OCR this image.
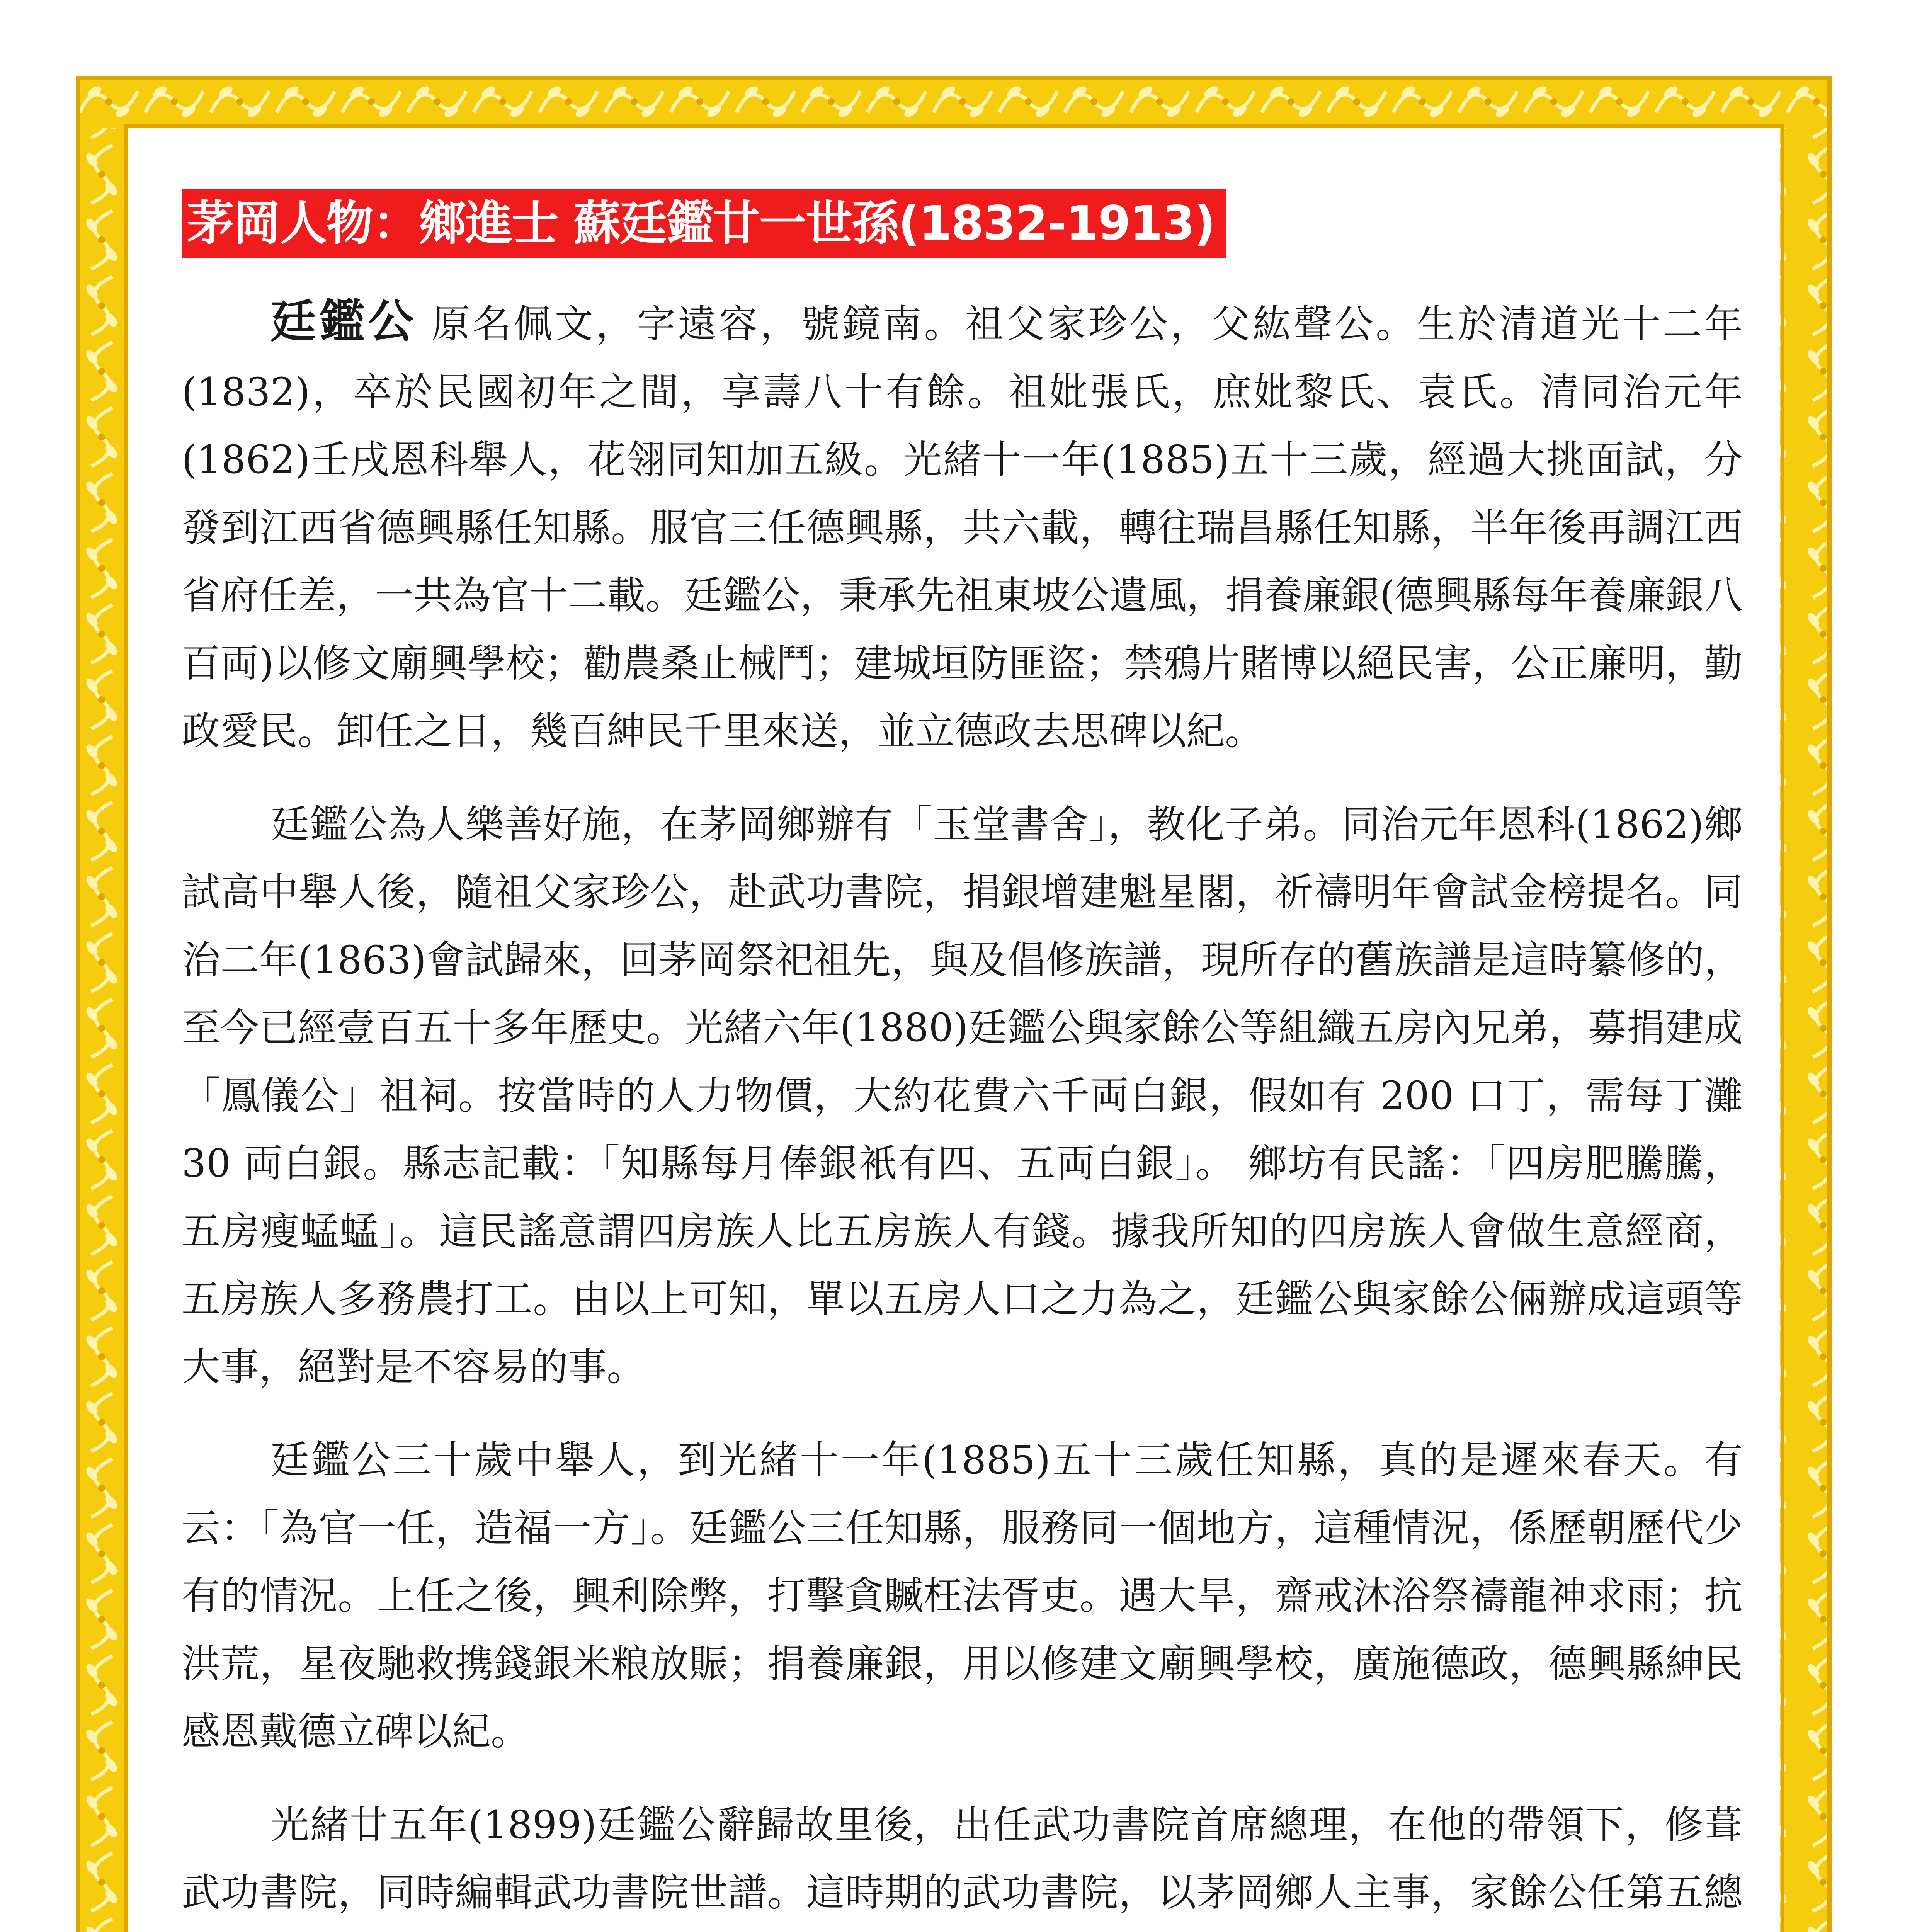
茅岡人物：鄉進士 蘇廷鑑廿一世孫(1832-1913)

廷鑑公 原名佩文，字遠容，號鏡南。祖父家珍公，父紘聲公。生於清道光十二年(1832)，卒於民國初年之間，享壽八十有餘。祖妣張氏，庶妣黎氏、袁氏。清同治元年(1862)壬戌恩科舉人，花翎同知加五級。光緒十一年(1885)五十三歲，經過大挑面試，分發到江西省德興縣任知縣。服官三任德興縣，共六載，轉往瑞昌縣任知縣，半年後再調江西省府任差，一共為官十二載。廷鑑公，秉承先祖東坡公遺風，捐養廉銀(德興縣每年養廉銀八百両)以修文廟興學校；勸農桑止械鬥；建城垣防匪盜；禁鴉片賭博以絕民害，公正廉明，勤政愛民。卸任之日，幾百紳民千里來送，並立德政去思碑以紀。

廷鑑公為人樂善好施，在茅岡鄉辦有「玉堂書舍」，教化子弟。同治元年恩科(1862)鄉試高中舉人後，隨祖父家珍公，赴武功書院，捐銀增建魁星閣，祈禱明年會試金榜提名。同治二年(1863)會試歸來，回茅岡祭祀祖先，與及倡修族譜，現所存的舊族譜是這時纂修的，至今已經壹百五十多年歷史。光緒六年(1880)廷鑑公與家餘公等組織五房內兄弟，募捐建成「鳳儀公」祖祠。按當時的人力物價，大約花費六千両白銀，假如有 200 口丁，需每丁灘 30 両白銀。縣志記載：「知縣每月俸銀衹有四、五両白銀」。 鄉坊有民謠：「四房肥騰騰，五房瘦蜢蜢」。這民謠意謂四房族人比五房族人有錢。據我所知的四房族人會做生意經商，五房族人多務農打工。由以上可知，單以五房人口之力為之，廷鑑公與家餘公倆辦成這頭等大事，絕對是不容易的事。

廷鑑公三十歲中舉人，到光緒十一年(1885)五十三歲任知縣，真的是遲來春天。有云：「為官一任，造福一方」。廷鑑公三任知縣，服務同一個地方，這種情況，係歷朝歷代少有的情況。上任之後，興利除弊，打擊貪贓枉法胥吏。遇大旱，齋戒沐浴祭禱龍神求雨；抗洪荒，星夜馳救携錢銀米粮放賑；捐養廉銀，用以修建文廟興學校，廣施德政，德興縣紳民感恩戴德立碑以紀。

光緒廿五年(1899)廷鑑公辭歸故里後，出任武功書院首席總理，在他的帶領下，修葺武功書院，同時編輯武功書院世譜。這時期的武功書院，以茅岡鄉人主事，家餘公任第五總
